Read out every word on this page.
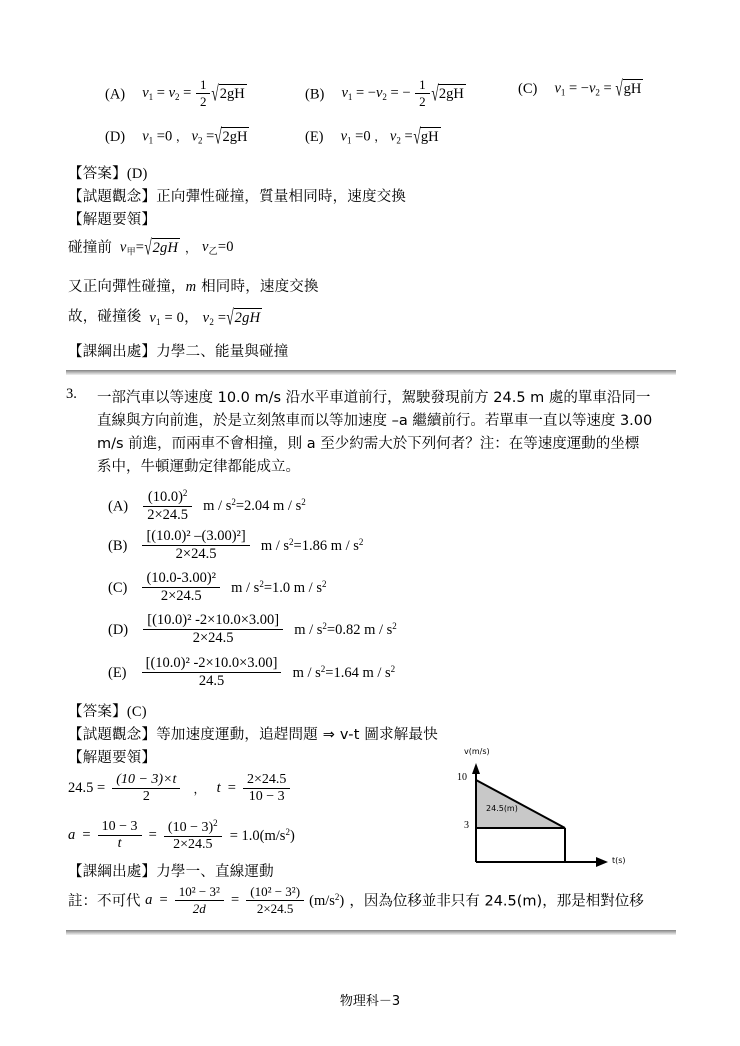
(A) $v_1 = v_2 = \frac{1}{2} √2gH$	(B) $v_1 = -v_2$ = − $\frac{1}{2} √2gH$	(C) $v_1 = -v_2 = √gH$
(D) $v_1 =0$ ， $v_2 =√2gH$	(E) $v_1 =0$ ， $v_2 =√gH$
【答案】(D)
【試題觀念】正向彈性碰撞，質量相同時，速度交換
【解題要領】
碰撞前 $v_甲=√2gH$ ， $v_乙=0$
又正向彈性碰撞，m 相同時，速度交換
故，碰撞後 $v_1 = 0$， $v_2 =√2gH$
【課綱出處】力學二、能量與碰撞
3. 一部汽車以等速度 10.0 m/s 沿水平車道前行，駕駛發現前方 24.5 m 處的單車沿同一
直線與方向前進，於是立刻煞車而以等加速度 –a 繼續前行。若單車一直以等速度 3.00
m/s 前進，而兩車不會相撞，則 a 至少約需大於下列何者？注：在等速度運動的坐標
系中，牛頓運動定律都能成立。
$(A) \frac{(10.0)^2}{2\times 24.5}$ $m / s^2=2.04$ m / $s^2$
$(B) \frac{\text{[(10.0)² –(3.00)²]}}{2\times 24.5}$ $m / s^2=1.86$ m / $s^2$
$(C) \frac{\text{(10.0-3.00)²}}{2\times 24.5}$ $m / s^2=1.0$ m / $s^2$
$(D) \frac{\text{[(10.0)² -2×10.0×3.00]}}{2\times 24.5}$ $m / s^2=0.82$ m / $s^2$
$(E) \frac{\text{[(10.0)² -2×10.0×3.00]}}{24.5}$ $m / s^2=1.64$ m / $s^2$
【答案】(C)
【試題觀念】等加速度運動，追趕問題 ⇒ v-t 圖求解最快
【解題要領】
$24.5 = \frac{(10 - 3)\times t}{2}$ ， $t = \frac{2\times 24.5}{10 - 3}$
$a = \frac{10 - 3}{t} = \frac{(10 - 3)^2}{2\times 24.5} = 1.0(m/s^2)$
【課綱出處】力學一、直線運動
註：不可代 $a = \frac{\text{10² − 3²}}{2d} = \frac{\text{(10² − 3²)}}{2\times 24.5} (m/s^2)$ ，因為位移並非只有 24.5(m)，那是相對位移
v(m/s)
t(s)
10
3
24.5(m)
物理科－3
